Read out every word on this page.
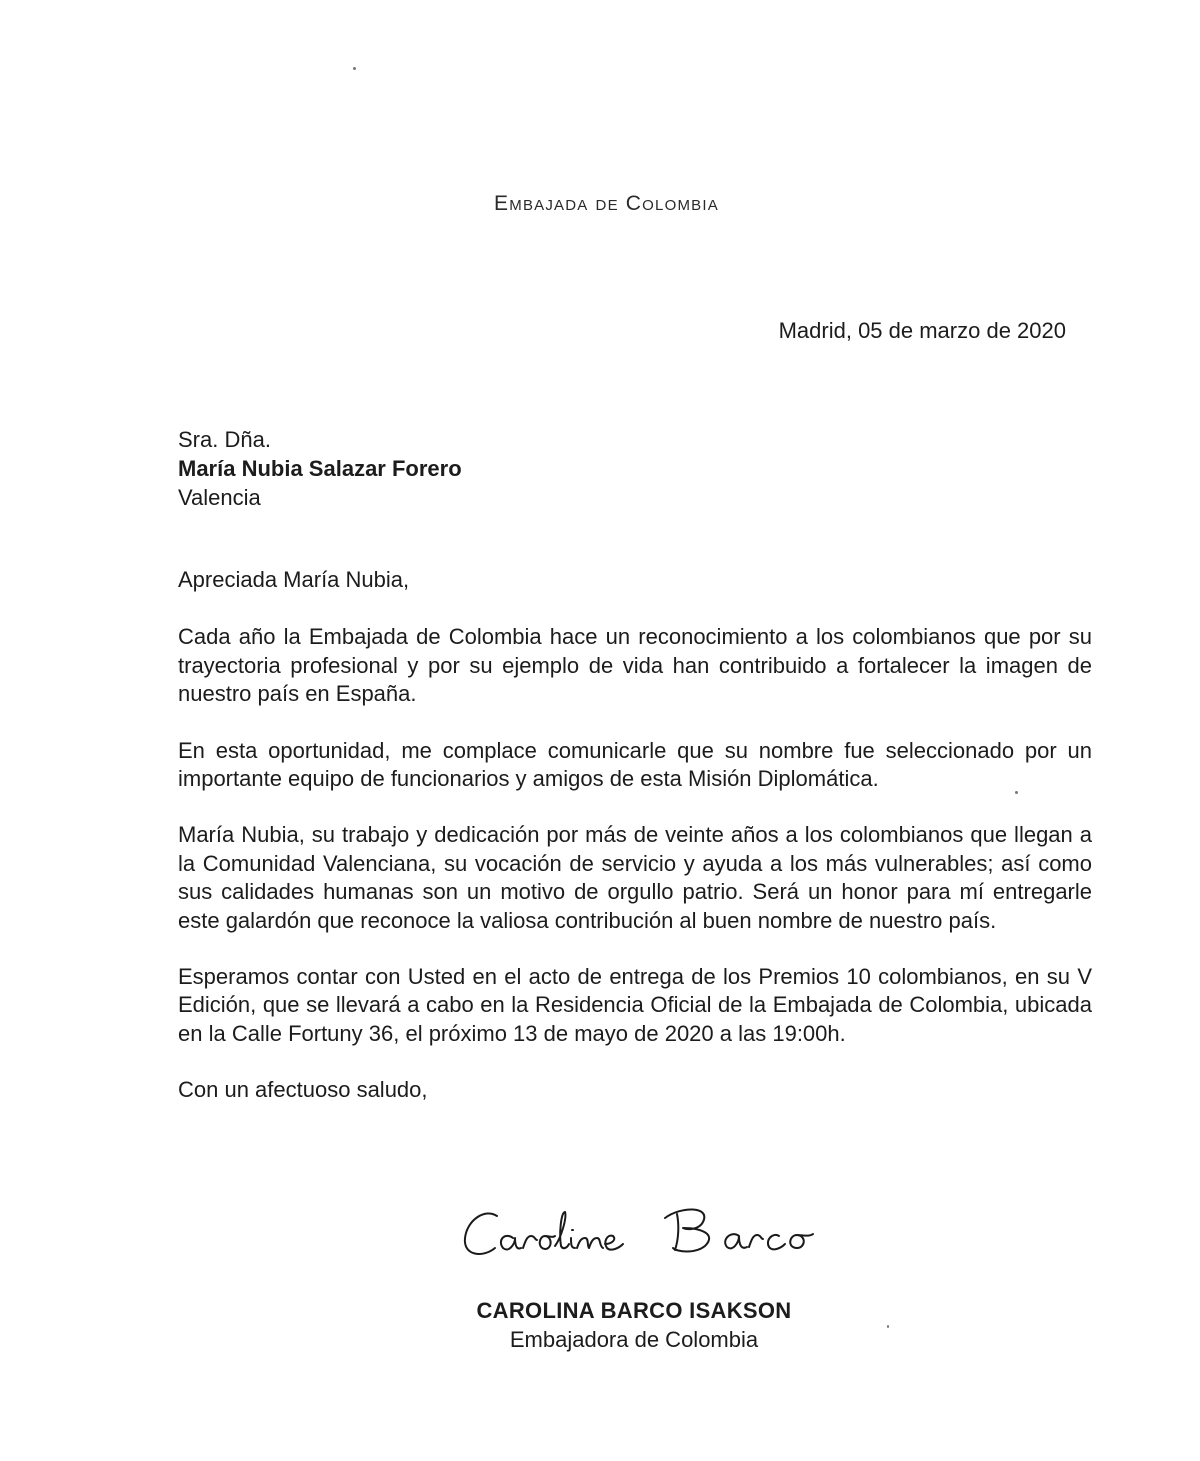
Embajada de Colombia
Madrid, 05 de marzo de 2020
Sra. Dña.
María Nubia Salazar Forero
Valencia

Apreciada María Nubia,

Cada año la Embajada de Colombia hace un reconocimiento a los colombianos que por su trayectoria profesional y por su ejemplo de vida han contribuido a fortalecer la imagen de nuestro país en España.

En esta oportunidad, me complace comunicarle que su nombre fue seleccionado por un importante equipo de funcionarios y amigos de esta Misión Diplomática.

María Nubia, su trabajo y dedicación por más de veinte años a los colombianos que llegan a la Comunidad Valenciana, su vocación de servicio y ayuda a los más vulnerables; así como sus calidades humanas son un motivo de orgullo patrio. Será un honor para mí entregarle este galardón que reconoce la valiosa contribución al buen nombre de nuestro país.

Esperamos contar con Usted en el acto de entrega de los Premios 10 colombianos, en su V Edición, que se llevará a cabo en la Residencia Oficial de la Embajada de Colombia, ubicada en la Calle Fortuny 36, el próximo 13 de mayo de 2020 a las 19:00h.

Con un afectuoso saludo,

CAROLINA BARCO ISAKSON
Embajadora de Colombia
